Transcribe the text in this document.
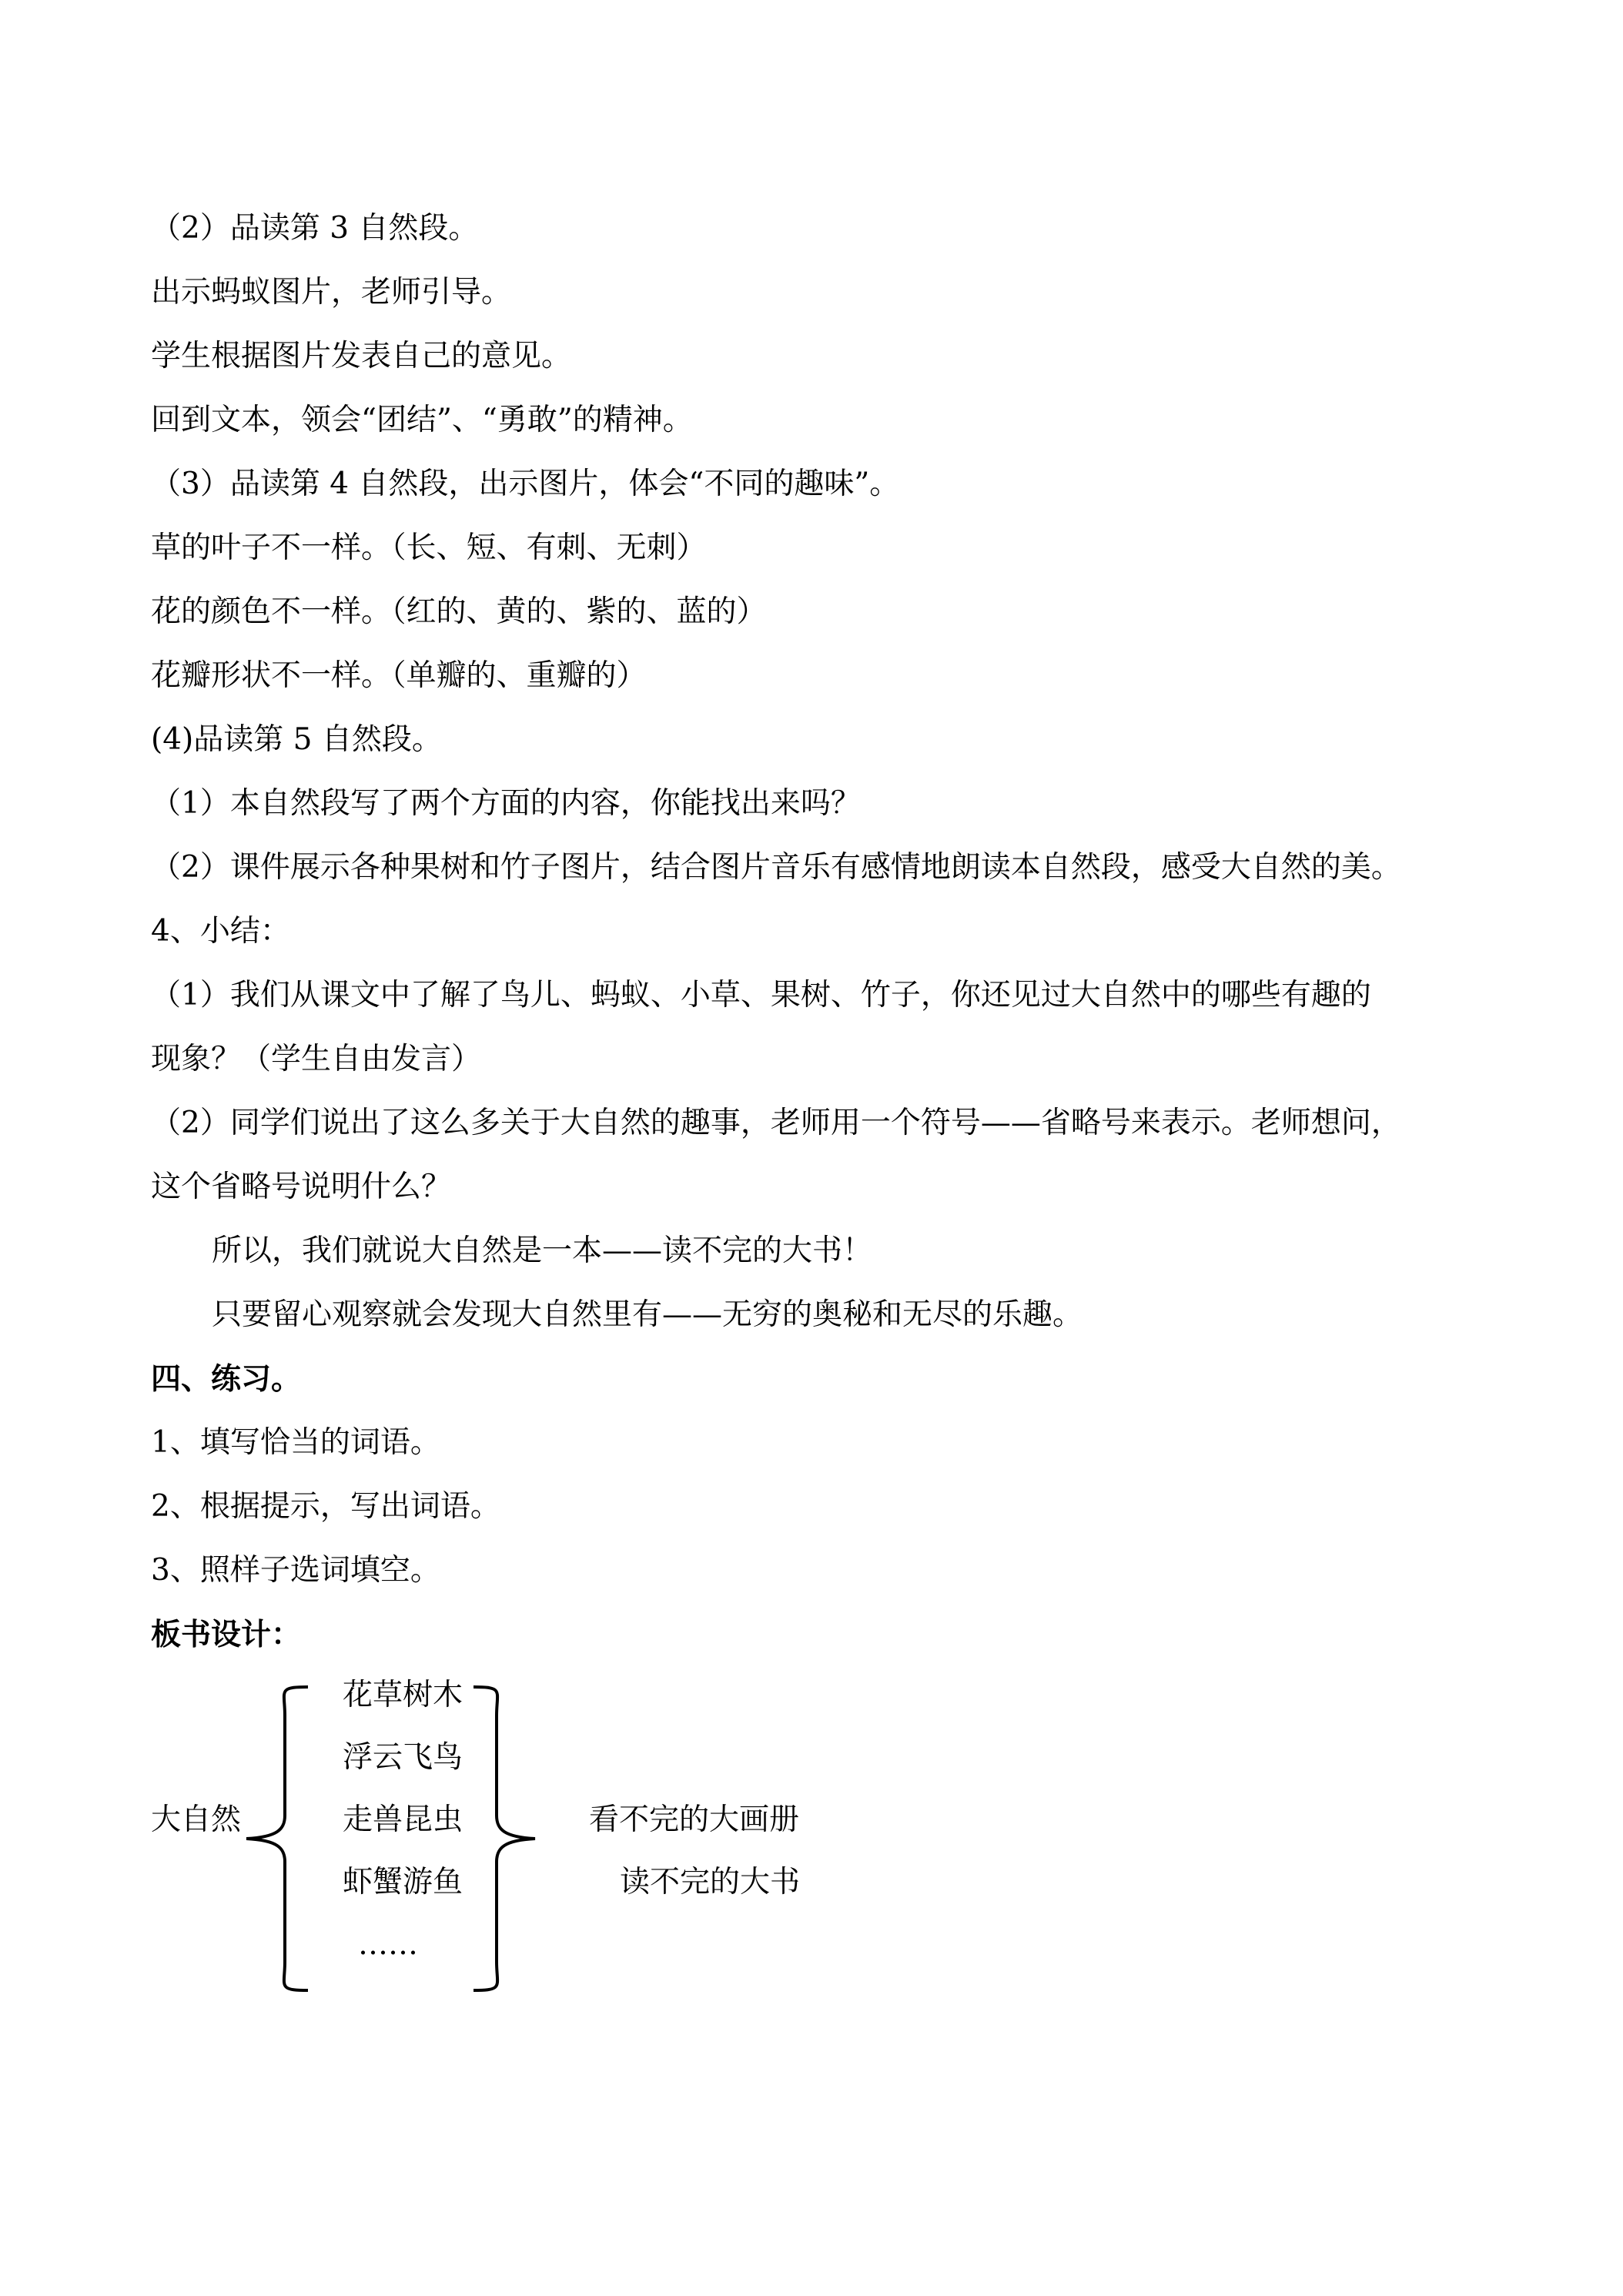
（2）品读第 3 自然段。

出示蚂蚁图片，老师引导。

学生根据图片发表自己的意见。

回到文本，领会“团结”、“勇敢”的精神。

（3）品读第 4 自然段，出示图片，体会“不同的趣味”。

草的叶子不一样。（长、短、有刺、无刺）

花的颜色不一样。（红的、黄的、紫的、蓝的）

花瓣形状不一样。（单瓣的、重瓣的）

(4)品读第 5 自然段。

（1）本自然段写了两个方面的内容，你能找出来吗？

（2）课件展示各种果树和竹子图片，结合图片音乐有感情地朗读本自然段，感受大自然的美。

4、小结：

（1）我们从课文中了解了鸟儿、蚂蚁、小草、果树、竹子，你还见过大自然中的哪些有趣的

现象？（学生自由发言）

（2）同学们说出了这么多关于大自然的趣事，老师用一个符号——省略号来表示。老师想问，

这个省略号说明什么？

所以，我们就说大自然是一本——读不完的大书！

只要留心观察就会发现大自然里有——无穷的奥秘和无尽的乐趣。

四、练习。

1、填写恰当的词语。

2、根据提示，写出词语。

3、照样子选词填空。

板书设计：

大自然
花草树木
浮云飞鸟
走兽昆虫
虾蟹游鱼
……
看不完的大画册
读不完的大书
